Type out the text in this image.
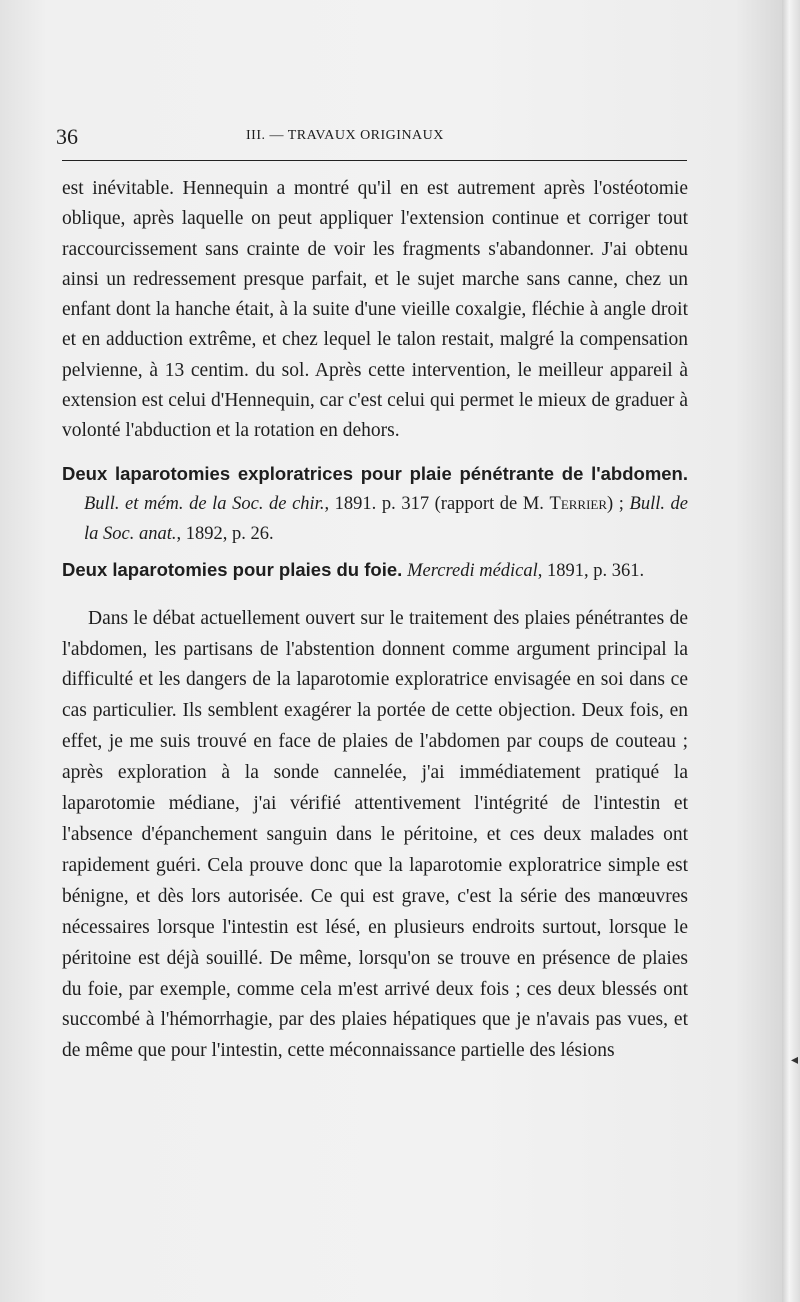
36	III. — TRAVAUX ORIGINAUX

est inévitable. Hennequin a montré qu'il en est autrement après l'ostéotomie oblique, après laquelle on peut appliquer l'extension continue et corriger tout raccourcissement sans crainte de voir les fragments s'abandonner. J'ai obtenu ainsi un redressement presque parfait, et le sujet marche sans canne, chez un enfant dont la hanche était, à la suite d'une vieille coxalgie, fléchie à angle droit et en adduction extrême, et chez lequel le talon restait, malgré la compensation pelvienne, à 13 centim. du sol. Après cette intervention, le meilleur appareil à extension est celui d'Hennequin, car c'est celui qui permet le mieux de graduer à volonté l'abduction et la rotation en dehors.

Deux laparotomies exploratrices pour plaie pénétrante de l'abdomen. Bull. et mém. de la Soc. de chir., 1891. p. 317 (rapport de M. Terrier) ; Bull. de la Soc. anat., 1892, p. 26.

Deux laparotomies pour plaies du foie. Mercredi médical, 1891, p. 361.

Dans le débat actuellement ouvert sur le traitement des plaies pénétrantes de l'abdomen, les partisans de l'abstention donnent comme argument principal la difficulté et les dangers de la laparotomie exploratrice envisagée en soi dans ce cas particulier. Ils semblent exagérer la portée de cette objection. Deux fois, en effet, je me suis trouvé en face de plaies de l'abdomen par coups de couteau ; après exploration à la sonde cannelée, j'ai immédiatement pratiqué la laparotomie médiane, j'ai vérifié attentivement l'intégrité de l'intestin et l'absence d'épanchement sanguin dans le péritoine, et ces deux malades ont rapidement guéri. Cela prouve donc que la laparotomie exploratrice simple est bénigne, et dès lors autorisée. Ce qui est grave, c'est la série des manœuvres nécessaires lorsque l'intestin est lésé, en plusieurs endroits surtout, lorsque le péritoine est déjà souillé. De même, lorsqu'on se trouve en présence de plaies du foie, par exemple, comme cela m'est arrivé deux fois ; ces deux blessés ont succombé à l'hémorrhagie, par des plaies hépatiques que je n'avais pas vues, et de même que pour l'intestin, cette méconnaissance partielle des lésions	◂
